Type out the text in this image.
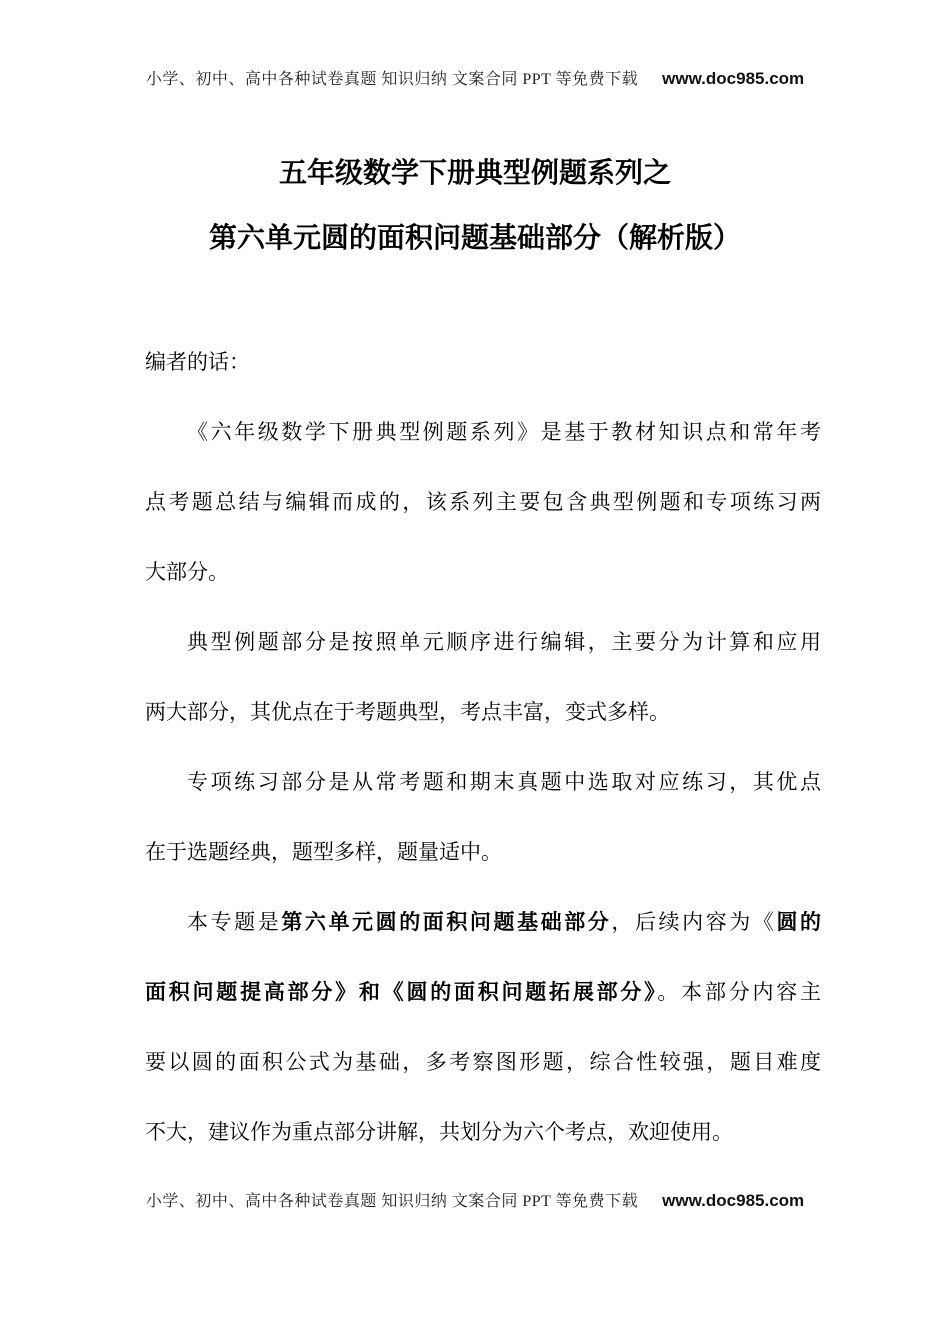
小学、初中、高中各种试卷真题 知识归纳 文案合同 PPT 等免费下载 www.doc985.com
五年级数学下册典型例题系列之
第六单元圆的面积问题基础部分（解析版）
编者的话：
《六年级数学下册典型例题系列》是基于教材知识点和常年考
点考题总结与编辑而成的，该系列主要包含典型例题和专项练习两
大部分。
典型例题部分是按照单元顺序进行编辑，主要分为计算和应用
两大部分，其优点在于考题典型，考点丰富，变式多样。
专项练习部分是从常考题和期末真题中选取对应练习，其优点
在于选题经典，题型多样，题量适中。
本专题是第六单元圆的面积问题基础部分，后续内容为《圆的
面积问题提高部分》和《圆的面积问题拓展部分》。本部分内容主
要以圆的面积公式为基础，多考察图形题，综合性较强，题目难度
不大，建议作为重点部分讲解，共划分为六个考点，欢迎使用。
小学、初中、高中各种试卷真题 知识归纳 文案合同 PPT 等免费下载 www.doc985.com
